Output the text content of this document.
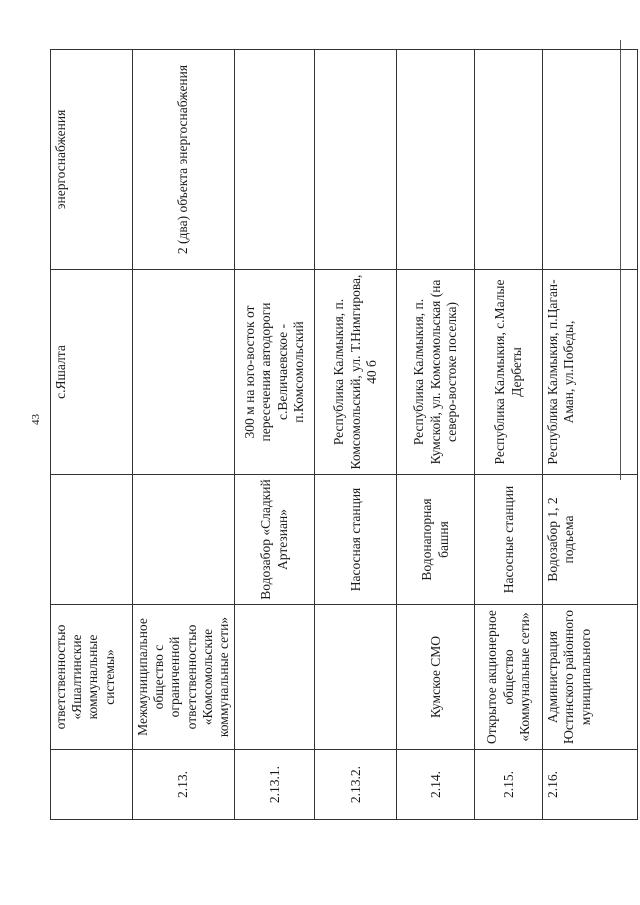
43
	ответственностью «Яшалтинские коммунальные системы»		с.Яшалта	энергоснабжения
2.13.	Межмуниципальное общество с ограниченной ответственностью «Комсомольские коммунальные сети»			2 (два) объекта энергоснабжения
2.13.1.		Водозабор «Сладкий Артезиан»	300 м на юго-восток от пересечения автодороги с.Величаевское - п.Комсомольский	
2.13.2.		Насосная станция	Республика Калмыкия, п. Комсомольский, ул. Т.Нимгирова, 40 б	
2.14.	Кумское СМО	Водонапорная башня	Республика Калмыкия, п. Кумской, ул. Комсомольская (на северо-востоке поселка)	
2.15.	Открытое акционерное общество «Коммунальные сети»	Насосные станции	Республика Калмыкия, с.Малые Дербеты	
2.16.	Администрация Юстинского районного муниципального	Водозабор 1, 2 подъема	Республика Калмыкия, п.Цаган-Аман, ул.Победы,	
